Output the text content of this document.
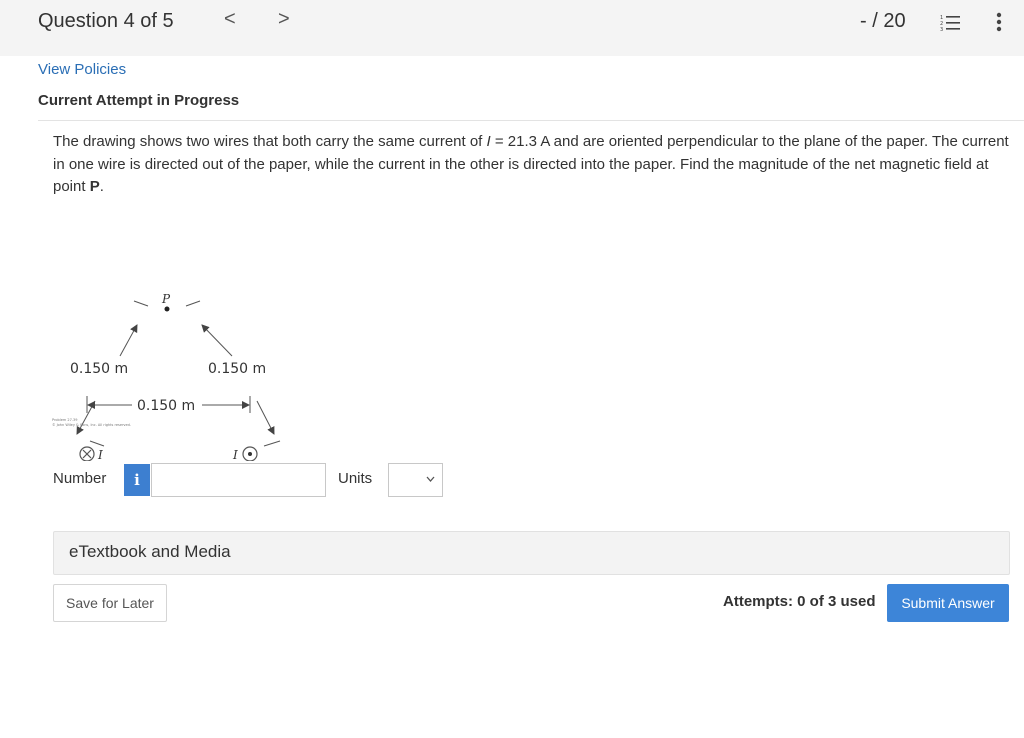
Question 4 of 5	< >	- / 20	1
2
3
View Policies
Current Attempt in Progress

The drawing shows two wires that both carry the same current of I = 21.3 A and are oriented perpendicular to the plane of the paper. The current in one wire is directed out of the paper, while the current in the other is directed into the paper. Find the magnitude of the net magnetic field at point P.

P
0.150 m	0.150 m
I	I
0.150 m
Problem 27.39
© John Wiley & Sons, Inc. All rights reserved.
Number	i	Units
eTextbook and Media
Save for Later	Attempts: 0 of 3 used	Submit Answer
